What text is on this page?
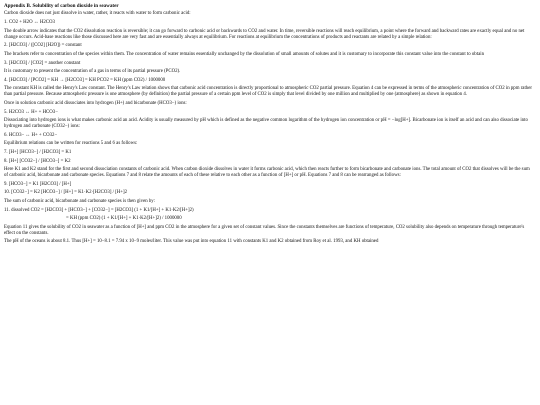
Appendix B. Solubility of carbon dioxide in seawater
Carbon dioxide does not just dissolve in water, rather, it reacts with water to form carbonic acid:
1. CO2 + H2O ↔ H2CO3
The double arrow indicates that the CO2 dissolution reaction is reversible; it can go forward to carbonic acid or backwards to CO2 and water. In time, reversible reactions will reach equilibrium, a point where the forward and backward rates are exactly equal and no net change occurs. Acid-base reactions like those discussed here are very fast and are essentially always at equilibrium. For reactions at equilibrium the concentrations of products and reactants are related by a simple relation:
2. [H2CO3] / ([CO2] [H2O]) = constant
The brackets refer to concentration of the species within them. The concentration of water remains essentially unchanged by the dissolution of small amounts of solutes and it is customary to incorporate this constant value into the constant to obtain
3. [H2CO3] / [CO2] = another constant
It is customary to present the concentration of a gas in terms of its partial pressure (PCO2).
4. [H2CO3] / [PCO2] = KH → [H2CO3] = KH PCO2 = KH (ppm CO2) / 1000000
The constant KH is called the Henry's Law constant. The Henry's Law relation shows that carbonic acid concentration is directly proportional to atmospheric CO2 partial pressure. Equation 4 can be expressed in terms of the atmospheric concentration of CO2 in ppm rather than partial pressure. Because atmospheric pressure is one atmosphere (by definition) the partial pressure of a certain ppm level of CO2 is simply that level divided by one million and multiplied by one (atmosphere) as shown in equation 4.
Once in solution carbonic acid dissociates into hydrogen (H+) and bicarbonate (HCO3−) ions:
5. H2CO3 ↔ H+ + HCO3−
Dissociating into hydrogen ions is what makes carbonic acid an acid. Acidity is usually measured by pH which is defined as the negative common logarithm of the hydrogen ion concentration or pH = −log[H+]. Bicarbonate ion is itself an acid and can also dissociate into hydrogen and carbonate (CO32−) ions:
6. HCO3− ↔ H+ + CO32−
Equilibrium relations can be written for reactions 5 and 6 as follows:
7. [H+] [HCO3−] / [H2CO3] = K1
8. [H+] [CO32−] / [HCO3−] = K2
Here K1 and K2 stand for the first and second dissociation constants of carbonic acid. When carbon dioxide dissolves in water it forms carbonic acid, which then reacts further to form bicarbonate and carbonate ions. The total amount of CO2 that dissolves will be the sum of carbonic acid, bicarbonate and carbonate species. Equations 7 and 8 relate the amounts of each of these relative to each other as a function of [H+] or pH. Equations 7 and 8 can be rearranged as follows:
9. [HCO3−] = K1 [H2CO3] / [H+]
10. [CO32−] = K2 [HCO3−] / [H+] = K1·K2·[H2CO3] / [H+]2
The sum of carbonic acid, bicarbonate and carbonate species is then given by:
11. dissolved CO2 = [H2CO3] + [HCO3−] + [CO32−] = [H2CO3] (1 + K1/[H+] + K1·K2/[H+]2)
= KH (ppm CO2) (1 + K1/[H+] + K1·K2/[H+]2) / 1000000
Equation 11 gives the solubility of CO2 in seawater as a function of [H+] and ppm CO2 in the atmosphere for a given set of constant values. Since the constants themselves are functions of temperature, CO2 solubility also depends on temperature through temperature's effect on the constants.
The pH of the oceans is about 8.1. Thus [H+] = 10−8.1 = 7.94 x 10−9 moles/liter. This value was put into equation 11 with constants K1 and K2 obtained from Roy et al. 1993, and KH obtained
